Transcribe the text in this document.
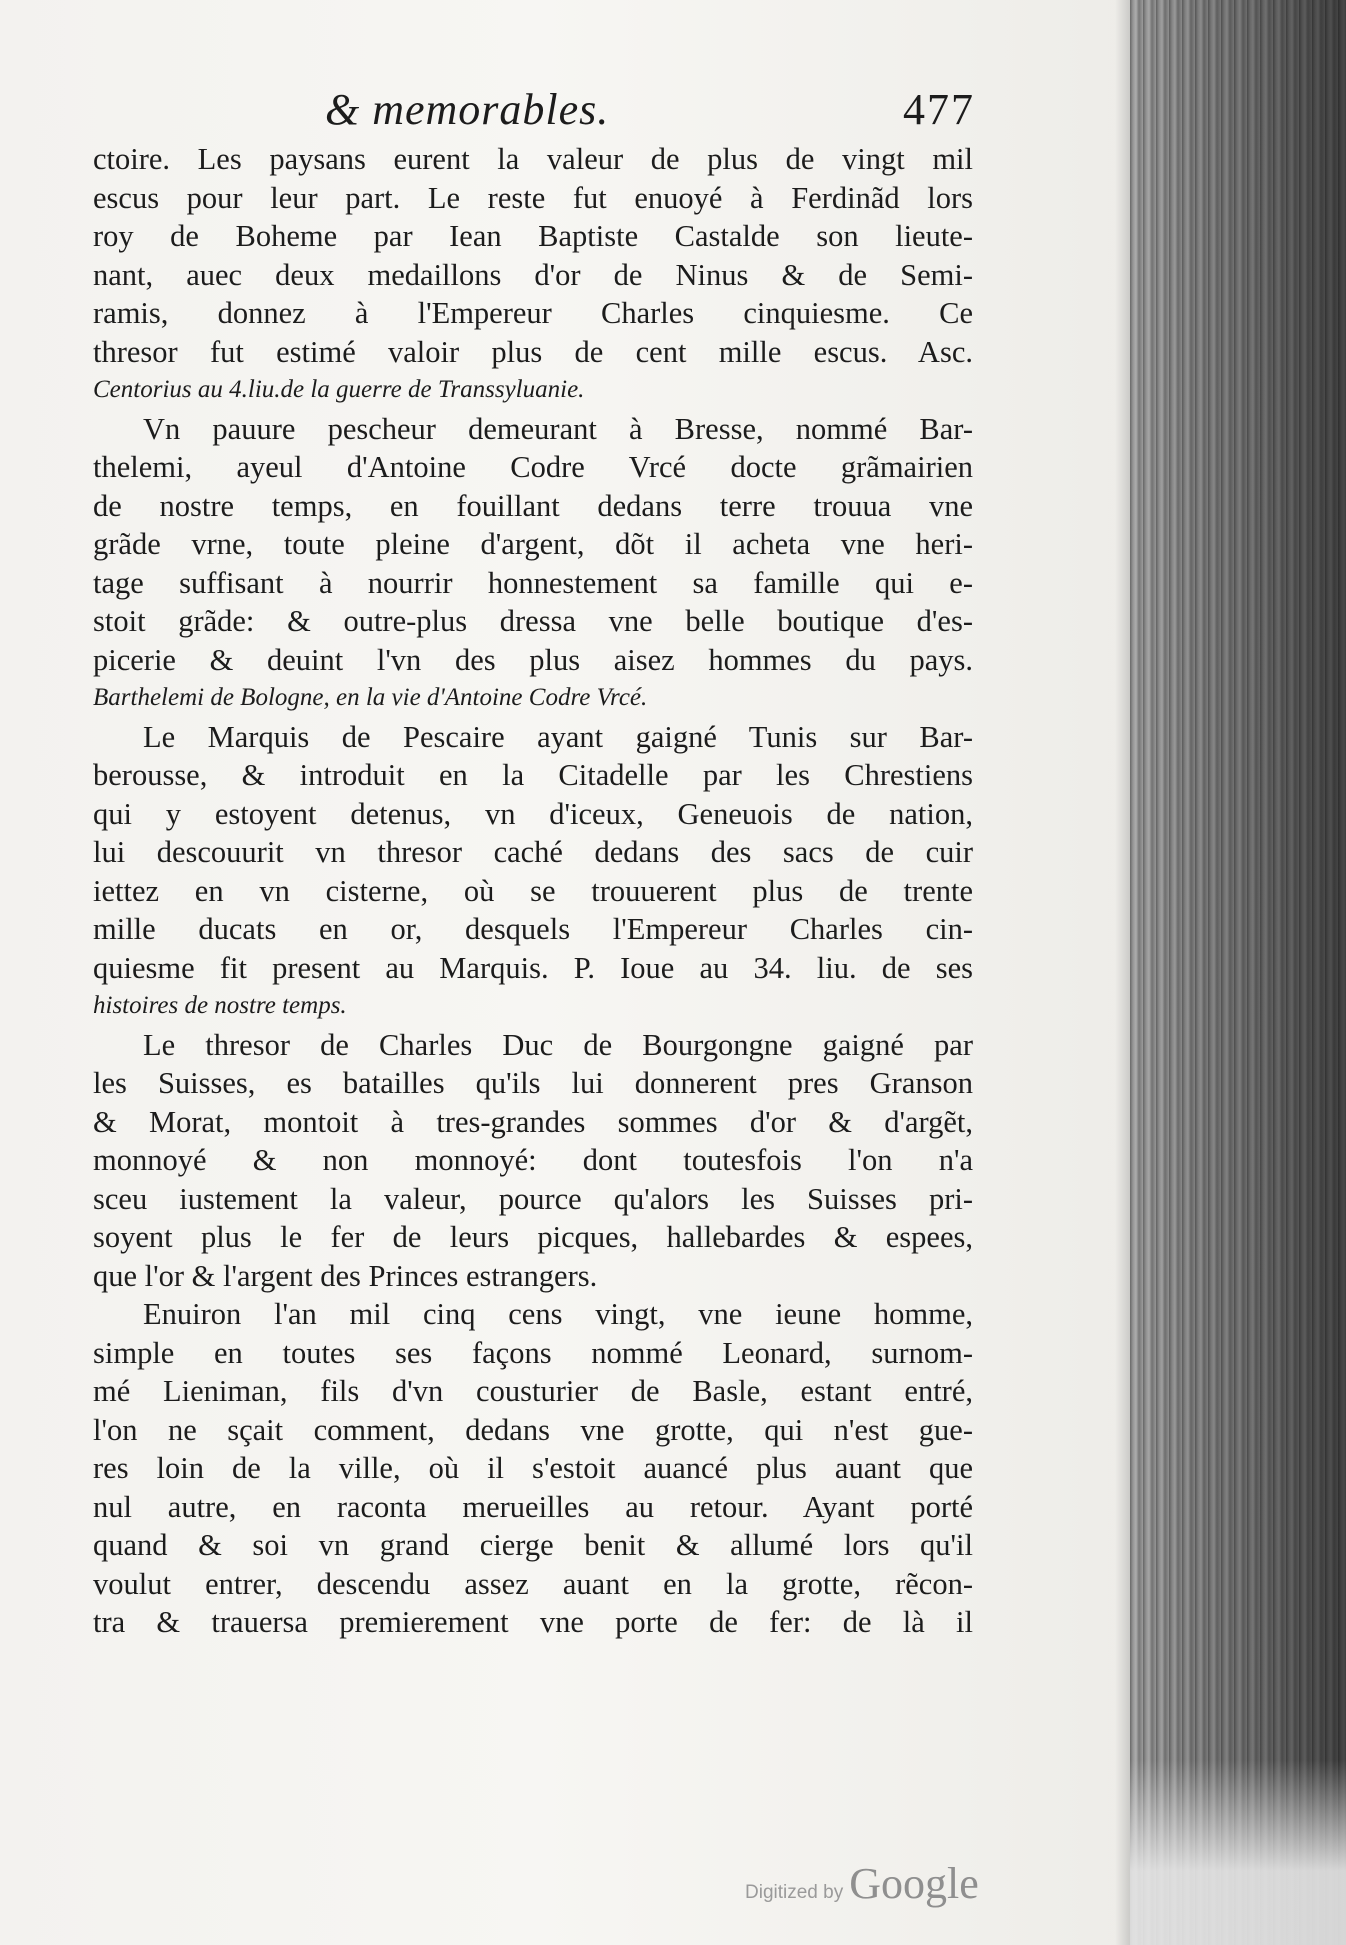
& memorables.	477
ctoire. Les paysans eurent la valeur de plus de vingt mil
escus pour leur part. Le reste fut enuoyé à Ferdinãd lors
roy de Boheme par Iean Baptiste Castalde son lieute-
nant, auec deux medaillons d'or de Ninus & de Semi-
ramis, donnez à l'Empereur Charles cinquiesme. Ce
thresor fut estimé valoir plus de cent mille escus. Asc.
Centorius au 4.liu.de la guerre de Transsyluanie.
Vn pauure pescheur demeurant à Bresse, nommé Bar-
thelemi, ayeul d'Antoine Codre Vrcé docte grãmairien
de nostre temps, en fouillant dedans terre trouua vne
grãde vrne, toute pleine d'argent, dõt il acheta vne heri-
tage suffisant à nourrir honnestement sa famille qui e-
stoit grãde: & outre-plus dressa vne belle boutique d'es-
picerie & deuint l'vn des plus aisez hommes du pays.
Barthelemi de Bologne, en la vie d'Antoine Codre Vrcé.
Le Marquis de Pescaire ayant gaigné Tunis sur Bar-
berousse, & introduit en la Citadelle par les Chrestiens
qui y estoyent detenus, vn d'iceux, Geneuois de nation,
lui descouurit vn thresor caché dedans des sacs de cuir
iettez en vn cisterne, où se trouuerent plus de trente
mille ducats en or, desquels l'Empereur Charles cin-
quiesme fit present au Marquis. P. Ioue au 34. liu. de ses
histoires de nostre temps.
Le thresor de Charles Duc de Bourgongne gaigné par
les Suisses, es batailles qu'ils lui donnerent pres Granson
& Morat, montoit à tres-grandes sommes d'or & d'argẽt,
monnoyé & non monnoyé: dont toutesfois l'on n'a
sceu iustement la valeur, pource qu'alors les Suisses pri-
soyent plus le fer de leurs picques, hallebardes & espees,
que l'or & l'argent des Princes estrangers.
Enuiron l'an mil cinq cens vingt, vne ieune homme,
simple en toutes ses façons nommé Leonard, surnom-
mé Lieniman, fils d'vn cousturier de Basle, estant entré,
l'on ne sçait comment, dedans vne grotte, qui n'est gue-
res loin de la ville, où il s'estoit auancé plus auant que
nul autre, en raconta merueilles au retour. Ayant porté
quand & soi vn grand cierge benit & allumé lors qu'il
voulut entrer, descendu assez auant en la grotte, rẽcon-
tra & trauersa premierement vne porte de fer: de là il
Digitized by Google
